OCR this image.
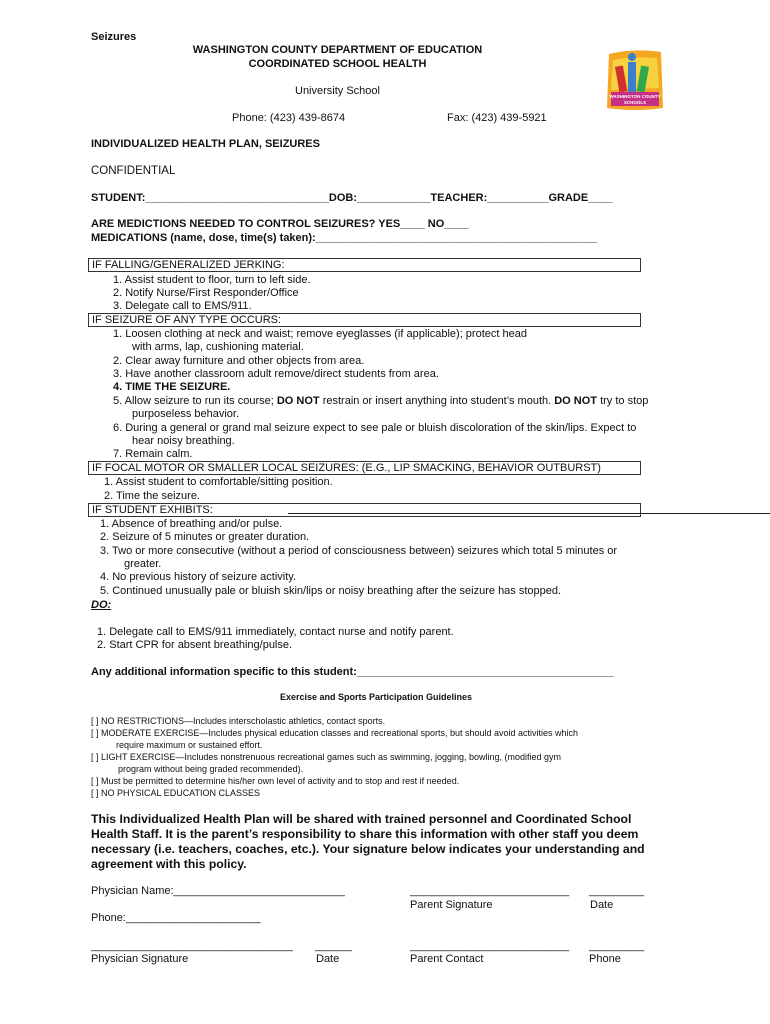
Seizures
WASHINGTON COUNTY DEPARTMENT OF EDUCATION
COORDINATED SCHOOL HEALTH
University School
Phone: (423) 439-8674	Fax: (423) 439-5921
WASHINGTON COUNTY
SCHOOLS
INDIVIDUALIZED HEALTH PLAN, SEIZURES
CONFIDENTIAL
STUDENT:______________________________DOB:____________TEACHER:__________GRADE____
ARE MEDICTIONS NEEDED TO CONTROL SEIZURES? YES____ NO____
MEDICATIONS (name, dose, time(s) taken):______________________________________________
IF FALLING/GENERALIZED JERKING:
1. Assist student to floor, turn to left side.
2. Notify Nurse/First Responder/Office
3. Delegate call to EMS/911.
IF SEIZURE OF ANY TYPE OCCURS:
1. Loosen clothing at neck and waist; remove eyeglasses (if applicable); protect head
with arms, lap, cushioning material.
2. Clear away furniture and other objects from area.
3. Have another classroom adult remove/direct students from area.
4. TIME THE SEIZURE.
5. Allow seizure to run its course; DO NOT restrain or insert anything into student’s mouth. DO NOT try to stop
purposeless behavior.
6. During a general or grand mal seizure expect to see pale or bluish discoloration of the skin/lips. Expect to
hear noisy breathing.
7. Remain calm.
IF FOCAL MOTOR OR SMALLER LOCAL SEIZURES: (E.G., LIP SMACKING, BEHAVIOR OUTBURST)
1. Assist student to comfortable/sitting position.
2. Time the seizure.
IF STUDENT EXHIBITS:
1. Absence of breathing and/or pulse.
2. Seizure of 5 minutes or greater duration.
3. Two or more consecutive (without a period of consciousness between) seizures which total 5 minutes or
greater.
4. No previous history of seizure activity.
5. Continued unusually pale or bluish skin/lips or noisy breathing after the seizure has stopped.
DO:
1. Delegate call to EMS/911 immediately, contact nurse and notify parent.
2. Start CPR for absent breathing/pulse.
Any additional information specific to this student:__________________________________________
Exercise and Sports Participation Guidelines
[ ] NO RESTRICTIONS—Includes interscholastic athletics, contact sports.
[ ] MODERATE EXERCISE—Includes physical education classes and recreational sports, but should avoid activities which
require maximum or sustained effort.
[ ] LIGHT EXERCISE—Includes nonstrenuous recreational games such as swimming, jogging, bowling, (modified gym
program without being graded recommended).
[ ] Must be permitted to determine his/her own level of activity and to stop and rest if needed.
[ ] NO PHYSICAL EDUCATION CLASSES
This Individualized Health Plan will be shared with trained personnel and Coordinated School
Health Staff. It is the parent’s responsibility to share this information with other staff you deem
necessary (i.e. teachers, coaches, etc.). Your signature below indicates your understanding and
agreement with this policy.
Physician Name:____________________________	__________________________ _________
Parent Signature	Date
Phone:______________________
_________________________________ ______	__________________________ _________
Physician Signature	Date	Parent Contact	Phone
